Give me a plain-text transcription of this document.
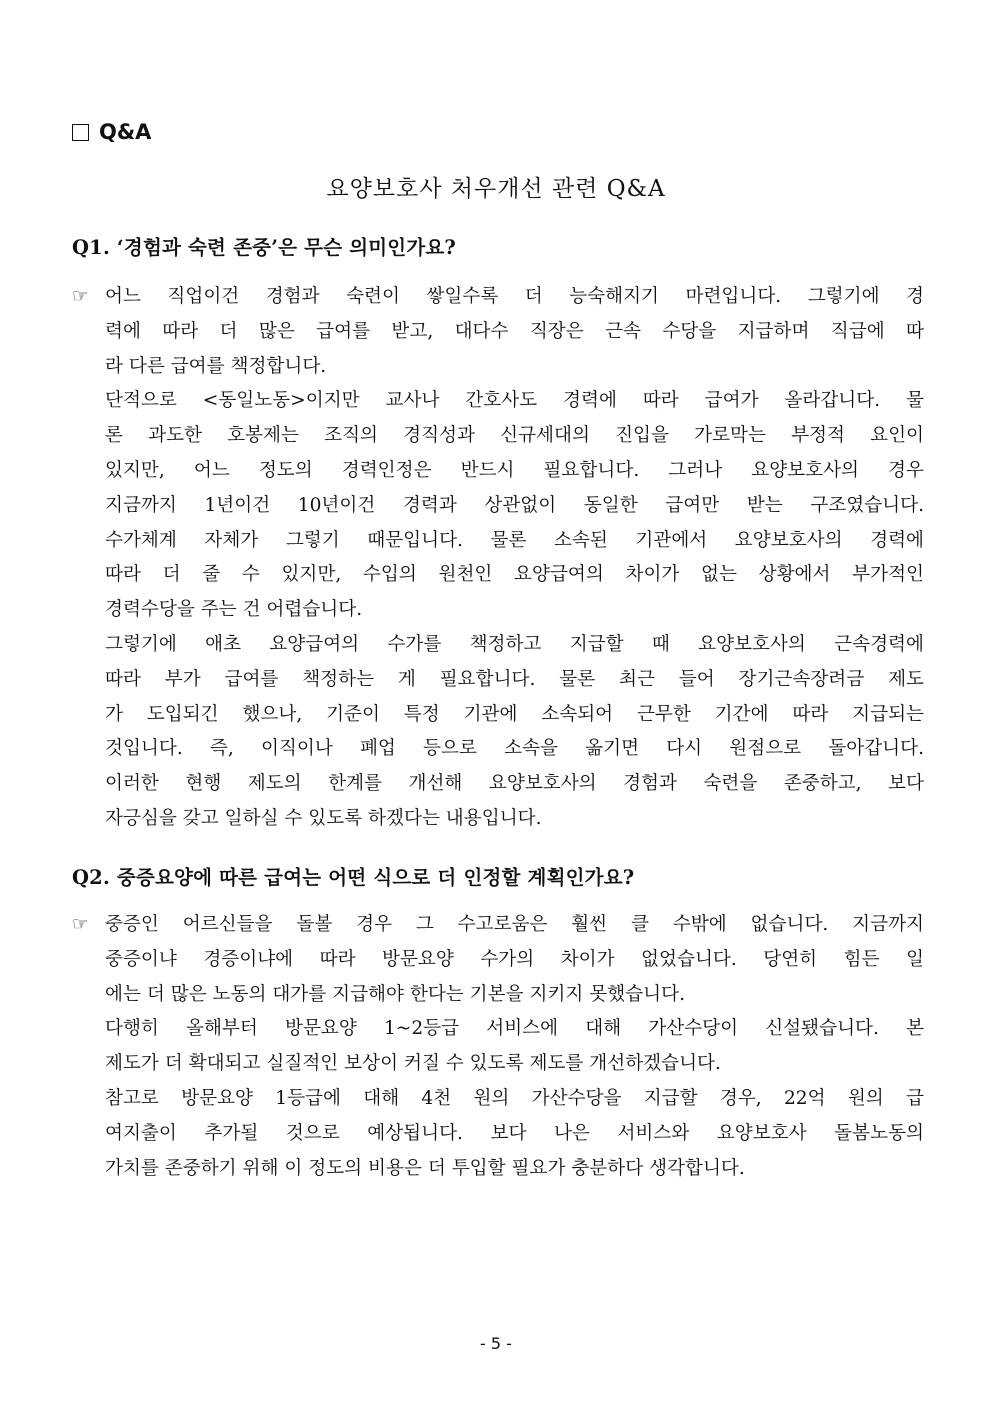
Q&A
요양보호사 처우개선 관련 Q&A
Q1. ‘경험과 숙련 존중’은 무슨 의미인가요?
☞ 어느 직업이건 경험과 숙련이 쌓일수록 더 능숙해지기 마련입니다. 그렇기에 경
력에 따라 더 많은 급여를 받고, 대다수 직장은 근속 수당을 지급하며 직급에 따
라 다른 급여를 책정합니다.
단적으로 <동일노동>이지만 교사나 간호사도 경력에 따라 급여가 올라갑니다. 물
론 과도한 호봉제는 조직의 경직성과 신규세대의 진입을 가로막는 부정적 요인이
있지만, 어느 정도의 경력인정은 반드시 필요합니다. 그러나 요양보호사의 경우
지금까지 1년이건 10년이건 경력과 상관없이 동일한 급여만 받는 구조였습니다.
수가체계 자체가 그렇기 때문입니다. 물론 소속된 기관에서 요양보호사의 경력에
따라 더 줄 수 있지만, 수입의 원천인 요양급여의 차이가 없는 상황에서 부가적인
경력수당을 주는 건 어렵습니다.
그렇기에 애초 요양급여의 수가를 책정하고 지급할 때 요양보호사의 근속경력에
따라 부가 급여를 책정하는 게 필요합니다. 물론 최근 들어 장기근속장려금 제도
가 도입되긴 했으나, 기준이 특정 기관에 소속되어 근무한 기간에 따라 지급되는
것입니다. 즉, 이직이나 폐업 등으로 소속을 옮기면 다시 원점으로 돌아갑니다.
이러한 현행 제도의 한계를 개선해 요양보호사의 경험과 숙련을 존중하고, 보다
자긍심을 갖고 일하실 수 있도록 하겠다는 내용입니다.
Q2. 중증요양에 따른 급여는 어떤 식으로 더 인정할 계획인가요?
☞ 중증인 어르신들을 돌볼 경우 그 수고로움은 훨씬 클 수밖에 없습니다. 지금까지
중증이냐 경증이냐에 따라 방문요양 수가의 차이가 없었습니다. 당연히 힘든 일
에는 더 많은 노동의 대가를 지급해야 한다는 기본을 지키지 못했습니다.
다행히 올해부터 방문요양 1~2등급 서비스에 대해 가산수당이 신설됐습니다. 본
제도가 더 확대되고 실질적인 보상이 커질 수 있도록 제도를 개선하겠습니다.
참고로 방문요양 1등급에 대해 4천 원의 가산수당을 지급할 경우, 22억 원의 급
여지출이 추가될 것으로 예상됩니다. 보다 나은 서비스와 요양보호사 돌봄노동의
가치를 존중하기 위해 이 정도의 비용은 더 투입할 필요가 충분하다 생각합니다.
- 5 -
